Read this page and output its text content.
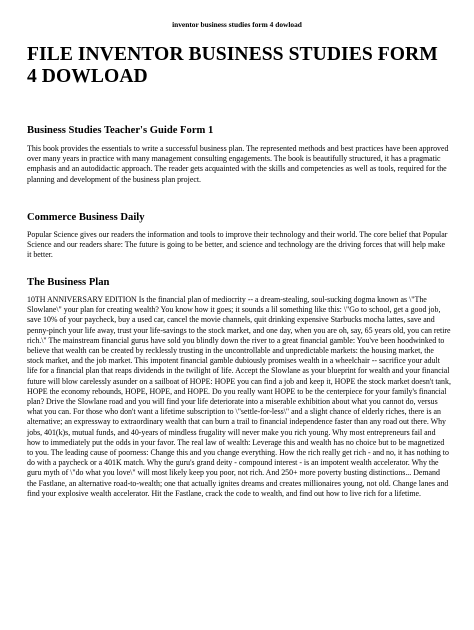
inventor business studies form 4 dowload
FILE INVENTOR BUSINESS STUDIES FORM 4 DOWLOAD
Business Studies Teacher's Guide Form 1

This book provides the essentials to write a successful business plan. The represented methods and best practices have been approved over many years in practice with many management consulting engagements. The book is beautifully structured, it has a pragmatic emphasis and an autodidactic approach. The reader gets acquainted with the skills and competencies as well as tools, required for the planning and development of the business plan project.

Commerce Business Daily

Popular Science gives our readers the information and tools to improve their technology and their world. The core belief that Popular Science and our readers share: The future is going to be better, and science and technology are the driving forces that will help make it better.

The Business Plan

10TH ANNIVERSARY EDITION Is the financial plan of mediocrity -- a dream-stealing, soul-sucking dogma known as \"The Slowlane\" your plan for creating wealth? You know how it goes; it sounds a lil something like this: \"Go to school, get a good job, save 10% of your paycheck, buy a used car, cancel the movie channels, quit drinking expensive Starbucks mocha lattes, save and penny-pinch your life away, trust your life-savings to the stock market, and one day, when you are oh, say, 65 years old, you can retire rich.\" The mainstream financial gurus have sold you blindly down the river to a great financial gamble: You've been hoodwinked to believe that wealth can be created by recklessly trusting in the uncontrollable and unpredictable markets: the housing market, the stock market, and the job market. This impotent financial gamble dubiously promises wealth in a wheelchair -- sacrifice your adult life for a financial plan that reaps dividends in the twilight of life. Accept the Slowlane as your blueprint for wealth and your financial future will blow carelessly asunder on a sailboat of HOPE: HOPE you can find a job and keep it, HOPE the stock market doesn't tank, HOPE the economy rebounds, HOPE, HOPE, and HOPE. Do you really want HOPE to be the centerpiece for your family's financial plan? Drive the Slowlane road and you will find your life deteriorate into a miserable exhibition about what you cannot do, versus what you can. For those who don't want a lifetime subscription to \"settle-for-less\" and a slight chance of elderly riches, there is an alternative; an expressway to extraordinary wealth that can burn a trail to financial independence faster than any road out there. Why jobs, 401(k)s, mutual funds, and 40-years of mindless frugality will never make you rich young. Why most entrepreneurs fail and how to immediately put the odds in your favor. The real law of wealth: Leverage this and wealth has no choice but to be magnetized to you. The leading cause of poorness: Change this and you change everything. How the rich really get rich - and no, it has nothing to do with a paycheck or a 401K match. Why the guru's grand deity - compound interest - is an impotent wealth accelerator. Why the guru myth of \"do what you love\" will most likely keep you poor, not rich. And 250+ more poverty busting distinctions... Demand the Fastlane, an alternative road-to-wealth; one that actually ignites dreams and creates millionaires young, not old. Change lanes and find your explosive wealth accelerator. Hit the Fastlane, crack the code to wealth, and find out how to live rich for a lifetime.
